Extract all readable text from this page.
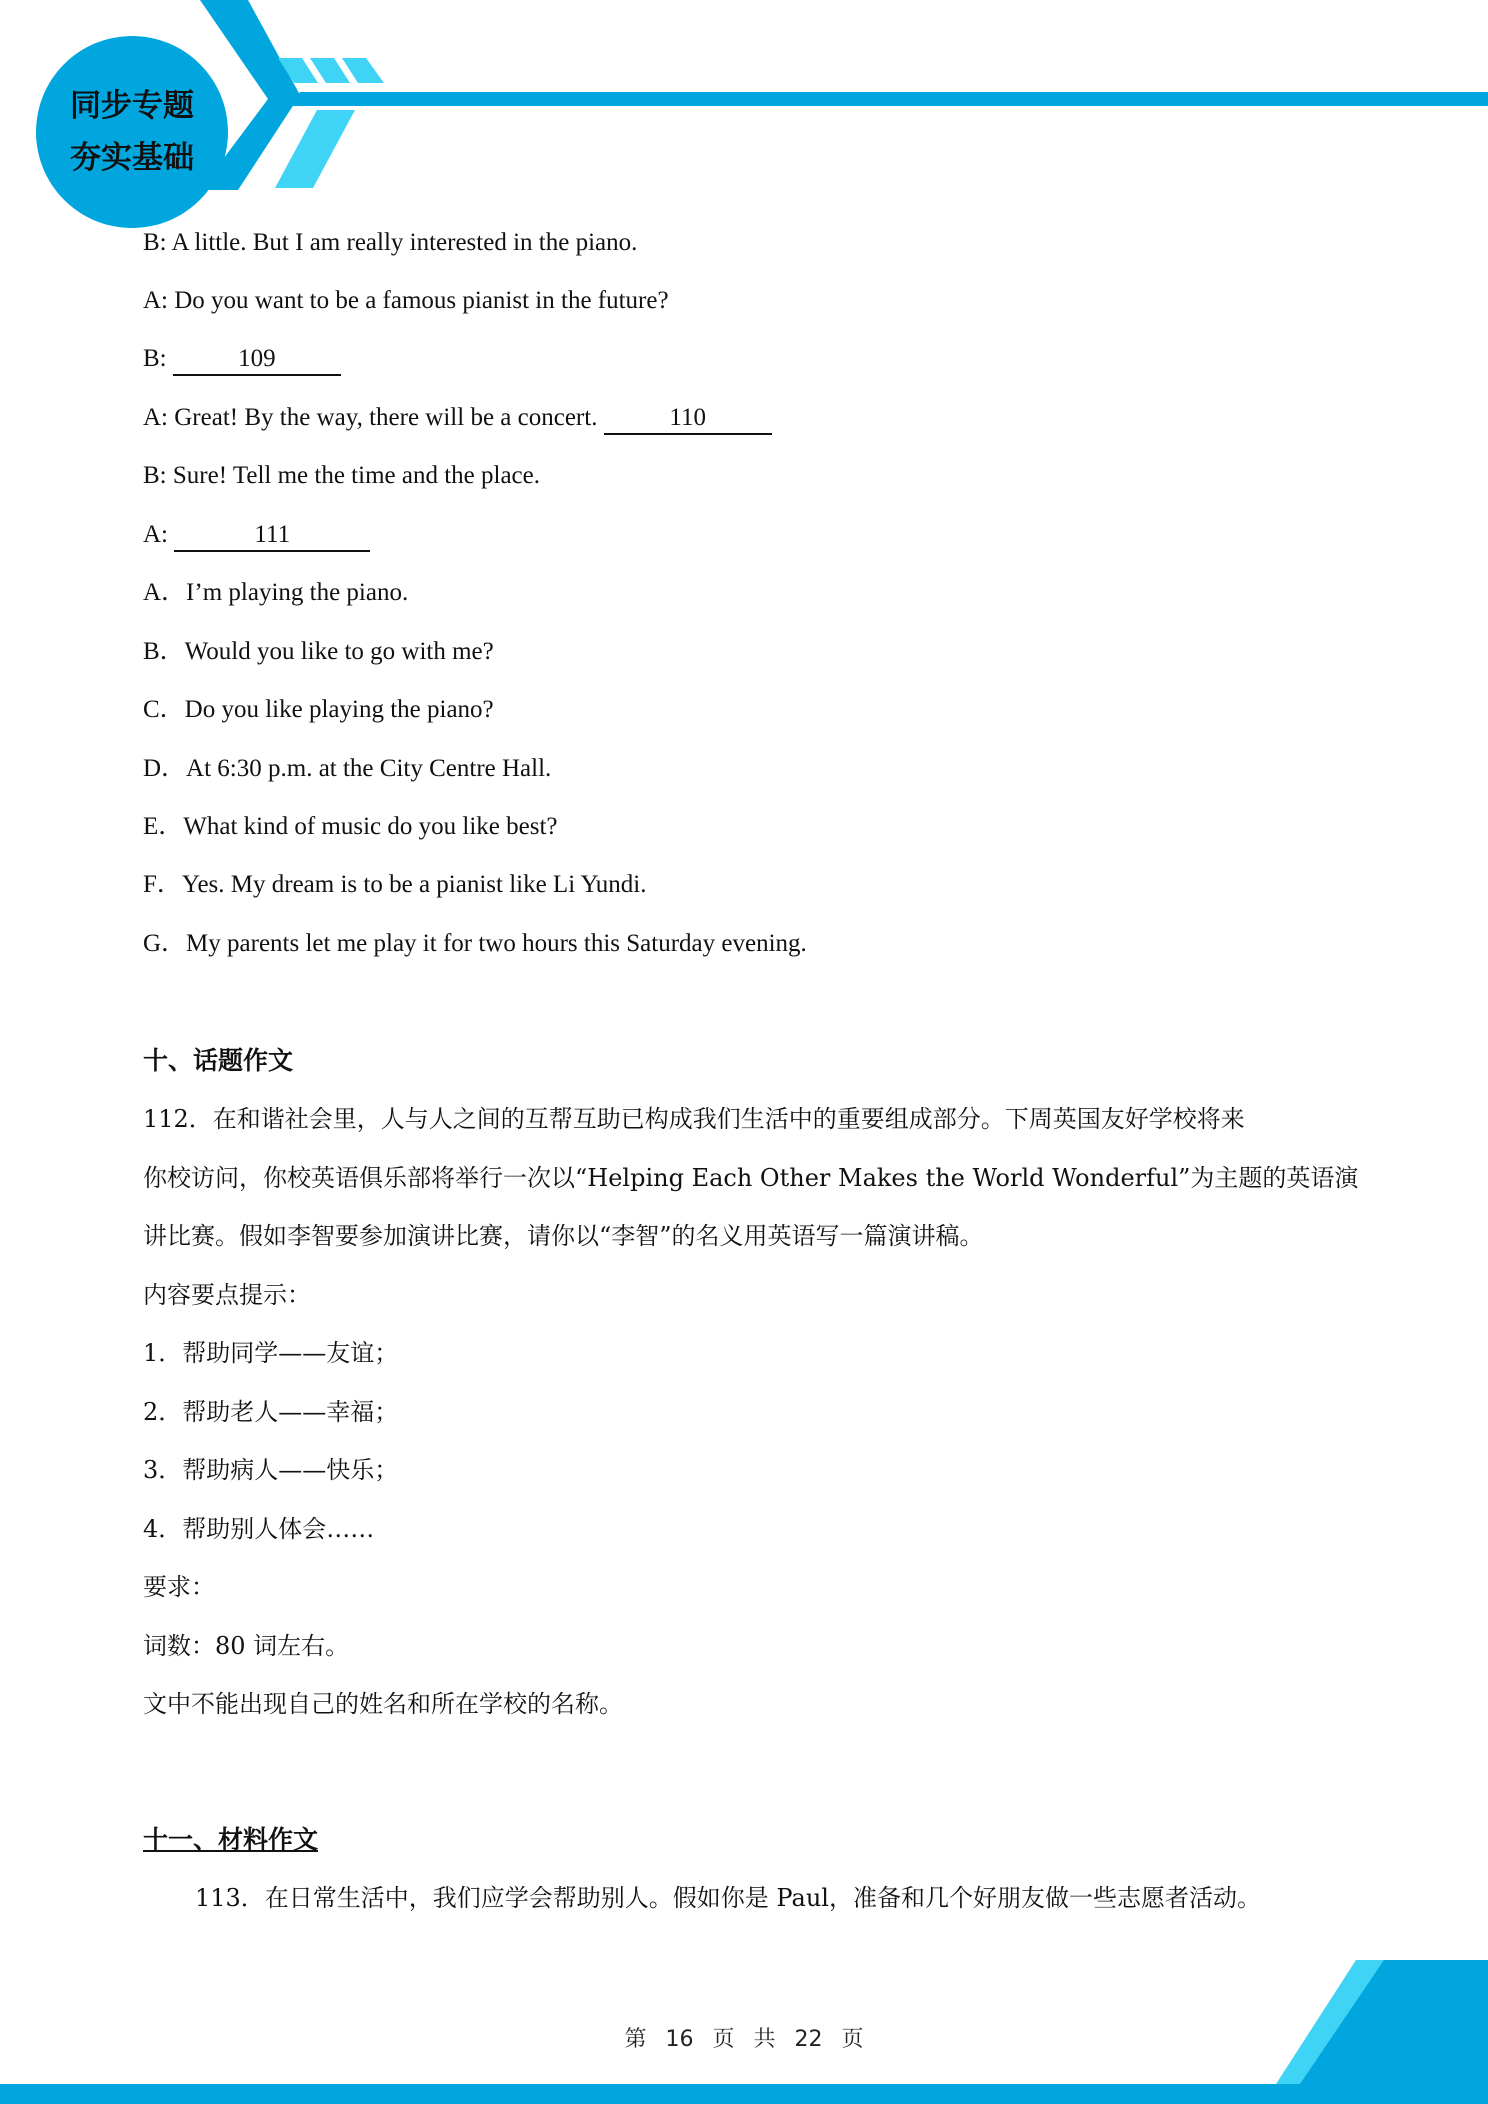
同步专题
夯实基础
B: A little. But I am really interested in the piano.
A: Do you want to be a famous pianist in the future?
B:	109
A: Great! By the way, there will be a concert.	110
B: Sure! Tell me the time and the place.
A:	111
A．I’m playing the piano.
B．Would you like to go with me?
C．Do you like playing the piano?
D．At 6:30 p.m. at the City Centre Hall.
E．What kind of music do you like best?
F．Yes. My dream is to be a pianist like Li Yundi.
G．My parents let me play it for two hours this Saturday evening.
十、话题作文
112．在和谐社会里，人与人之间的互帮互助已构成我们生活中的重要组成部分。下周英国友好学校将来
你校访问，你校英语俱乐部将举行一次以“Helping Each Other Makes the World Wonderful”为主题的英语演
讲比赛。假如李智要参加演讲比赛，请你以“李智”的名义用英语写一篇演讲稿。
内容要点提示：
1．帮助同学——友谊；
2．帮助老人——幸福；
3．帮助病人——快乐；
4．帮助别人体会……
要求：
词数：80 词左右。
文中不能出现自己的姓名和所在学校的名称。
十一、材料作文
113．在日常生活中，我们应学会帮助别人。假如你是 Paul，准备和几个好朋友做一些志愿者活动。
第 16 页 共 22 页
